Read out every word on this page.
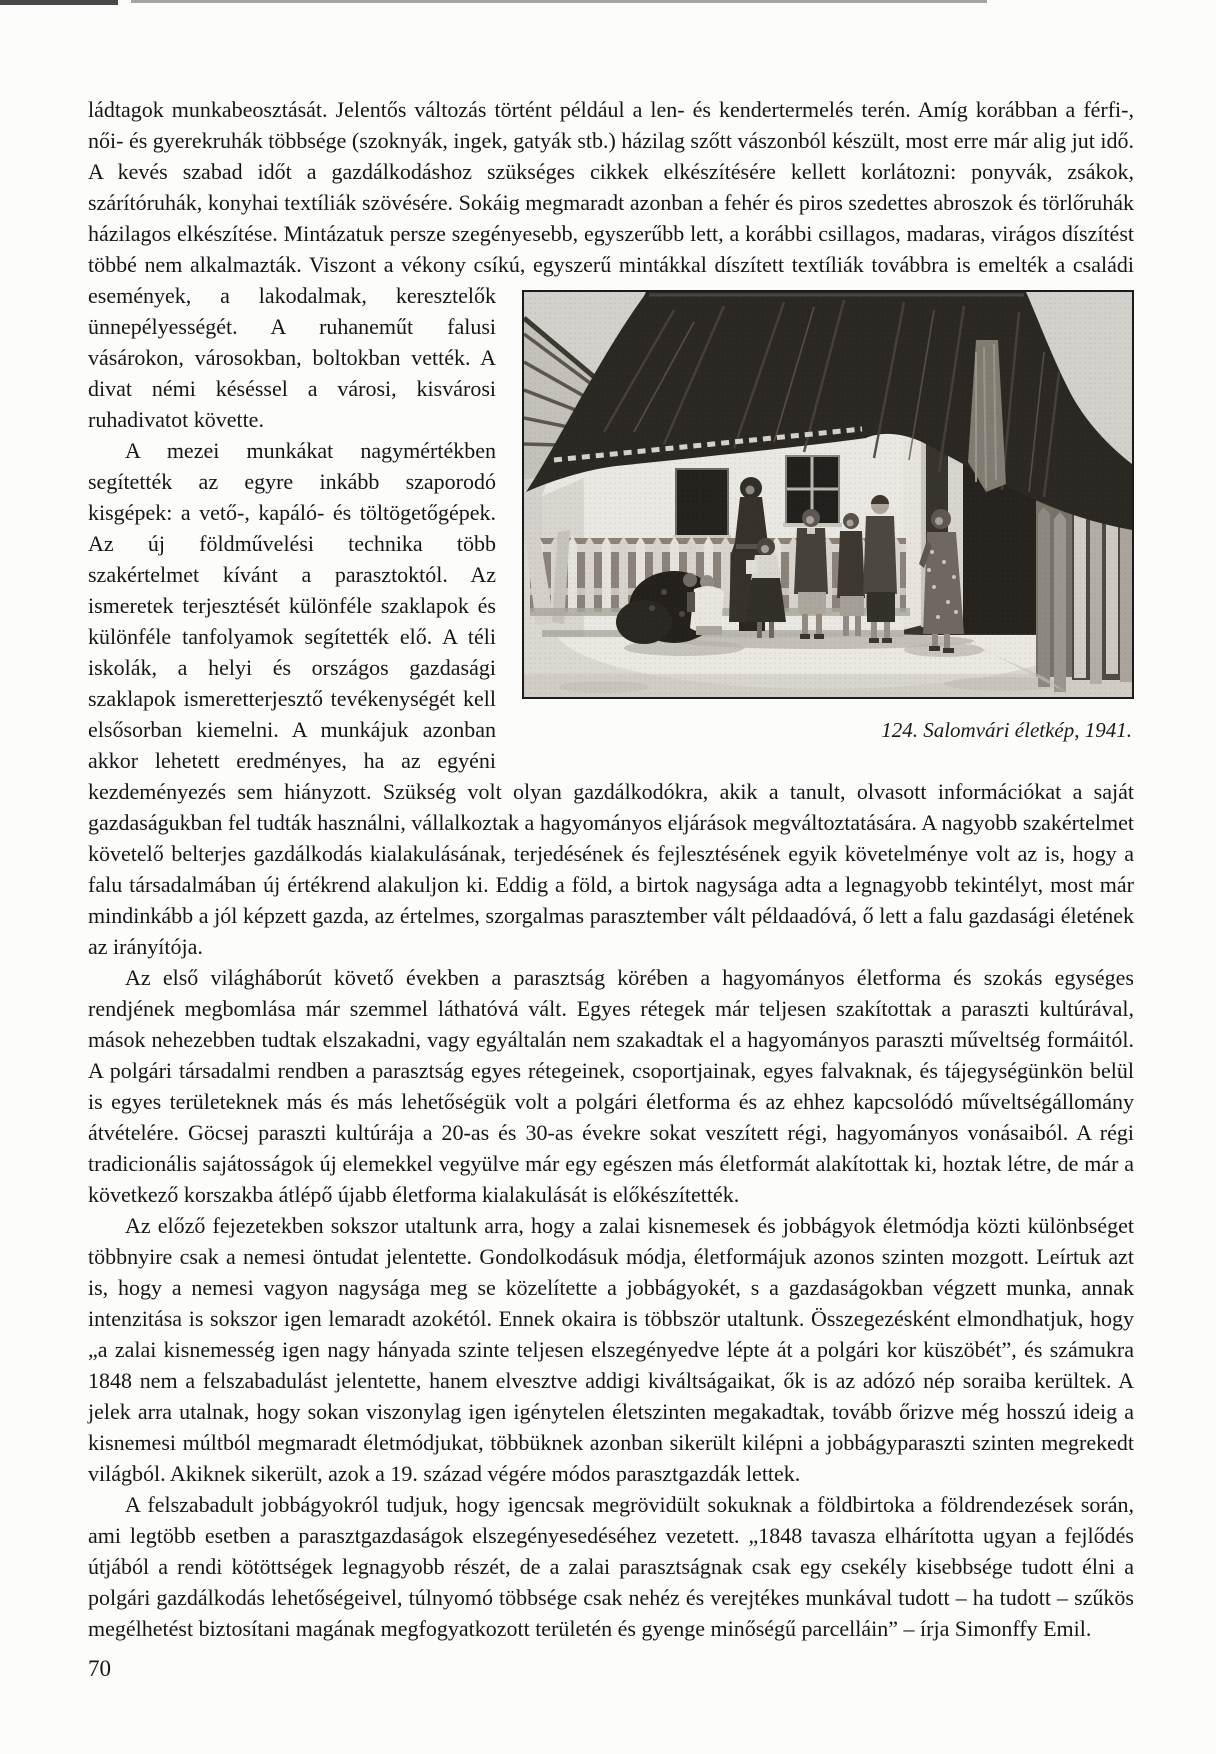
ládtagok munkabeosztását. Jelentős változás történt például a len- és kendertermelés terén. Amíg korábban a férfi-, női- és gyerekruhák többsége (szoknyák, ingek, gatyák stb.) házilag szőtt vászonból készült, most erre már alig jut idő. A kevés szabad időt a gazdálkodáshoz szükséges cikkek elkészítésére kellett korlátozni: ponyvák, zsákok, szárítóruhák, konyhai textíliák szövésére. Sokáig megmaradt azonban a fehér és piros szedettes abroszok és törlőruhák házilagos elkészítése. Mintázatuk persze szegényesebb, egyszerűbb lett, a korábbi csillagos, madaras, virágos díszítést többé nem alkalmazták. Viszont a vékony csíkú, egyszerű
124. Salomvári életkép, 1941.
mintákkal díszített textíliák továbbra is emelték a családi események, a lakodalmak, keresztelők ünnepélyességét. A ruhaneműt falusi vásárokon, városokban, boltokban vették. A divat némi késéssel a városi, kisvárosi ruhadivatot követte.
A mezei munkákat nagymértékben segítették az egyre inkább szaporodó kisgépek: a vető-, kapáló- és töltögetőgépek. Az új földművelési technika több szakértelmet kívánt a parasztoktól. Az ismeretek terjesztését különféle szaklapok és különféle tanfolyamok segítették elő. A téli iskolák, a helyi és országos gazdasági szaklapok ismeretterjesztő tevékenységét kell elsősorban kiemelni. A munkájuk azonban akkor lehetett eredményes, ha az egyéni kezdeményezés sem hiányzott. Szükség volt olyan gazdálkodókra, akik a tanult, olvasott információkat a saját gazdaságukban fel tudták használni, vállalkoztak a hagyományos eljárások megváltoztatására. A nagyobb szakértelmet követelő belterjes gazdálkodás kialakulásának, terjedésének és fejlesztésének egyik követelménye volt az is, hogy a falu társadalmában új értékrend alakuljon ki. Eddig a föld, a birtok nagysága adta a legnagyobb tekintélyt, most már mindinkább a jól képzett gazda, az értelmes, szorgalmas parasztember vált példaadóvá, ő lett a falu gazdasági életének az irányítója.
Az első világháborút követő években a parasztság körében a hagyományos életforma és szokás egységes rendjének megbomlása már szemmel láthatóvá vált. Egyes rétegek már teljesen szakítottak a paraszti kultúrával, mások nehezebben tudtak elszakadni, vagy egyáltalán nem szakadtak el a hagyományos paraszti műveltség formáitól. A polgári társadalmi rendben a parasztság egyes rétegeinek, csoportjainak, egyes falvaknak, és tájegységünkön belül is egyes területeknek más és más lehetőségük volt a polgári életforma és az ehhez kapcsolódó műveltségállomány átvételére. Göcsej paraszti kultúrája a 20-as és 30-as évekre sokat veszített régi, hagyományos vonásaiból. A régi tradicionális sajátosságok új elemekkel vegyülve már egy egészen más életformát alakítottak ki, hoztak létre, de már a következő korszakba átlépő újabb életforma kialakulását is előkészítették.
Az előző fejezetekben sokszor utaltunk arra, hogy a zalai kisnemesek és jobbágyok életmódja közti különbséget többnyire csak a nemesi öntudat jelentette. Gondolkodásuk módja, életformájuk azonos szinten mozgott. Leírtuk azt is, hogy a nemesi vagyon nagysága meg se közelítette a jobbágyokét, s a gazdaságokban végzett munka, annak intenzitása is sokszor igen lemaradt azokétól. Ennek okaira is többször utaltunk. Összegezésként elmondhatjuk, hogy „a zalai kisnemesség igen nagy hányada szinte teljesen elszegényedve lépte át a polgári kor küszöbét”, és számukra 1848 nem a felszabadulást jelentette, hanem elvesztve addigi kiváltságaikat, ők is az adózó nép soraiba kerültek. A jelek arra utalnak, hogy sokan viszonylag igen igénytelen életszinten megakadtak, tovább őrizve még hosszú ideig a kisnemesi múltból megmaradt életmódjukat, többüknek azonban sikerült kilépni a jobbágyparaszti szinten megrekedt világból. Akiknek sikerült, azok a 19. század végére módos parasztgazdák lettek.
A felszabadult jobbágyokról tudjuk, hogy igencsak megrövidült sokuknak a földbirtoka a földrendezések során, ami legtöbb esetben a parasztgazdaságok elszegényesedéséhez vezetett. „1848 tavasza elhárította ugyan a fejlődés útjából a rendi kötöttségek legnagyobb részét, de a zalai parasztságnak csak egy csekély kisebbsége tudott élni a polgári gazdálkodás lehetőségeivel, túlnyomó többsége csak nehéz és verejtékes munkával tudott – ha tudott – szűkös megélhetést biztosítani magának megfogyatkozott területén és gyenge minőségű parcelláin” – írja Simonffy Emil.
70
